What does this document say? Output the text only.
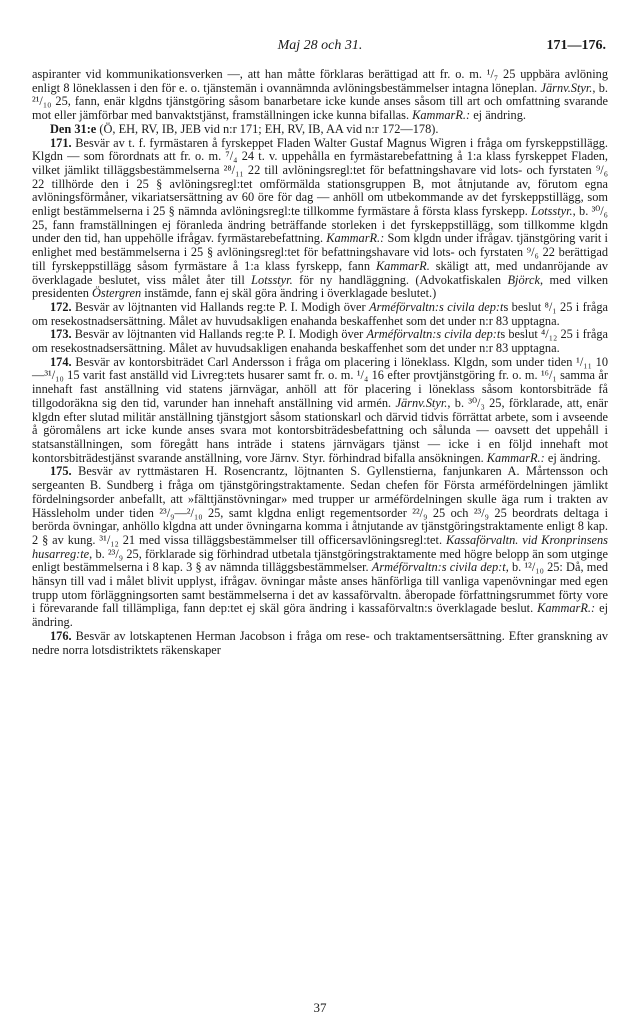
Maj 28 och 31.	171—176.

aspiranter vid kommunikationsverken —, att han måtte förklaras berättigad att fr. o. m. ¹/₇ 25 uppbära avlöning enligt 8 löneklassen i den för e. o. tjänstemän i ovannämnda avlöningsbestämmelser intagna löneplan. Järnv.Styr., b. ²¹/₁₀ 25, fann, enär klgdns tjänstgöring såsom banarbetare icke kunde anses såsom till art och omfattning svarande mot eller jämförbar med banvaktstjänst, framställningen icke kunna bifallas. KammarR.: ej ändring.

Den 31:e (Ö, EH, RV, IB, JEB vid n:r 171; EH, RV, IB, AA vid n:r 172—178).

171. Besvär av t. f. fyrmästaren å fyrskeppet Fladen Walter Gustaf Magnus Wigren i fråga om fyrskeppstillägg. Klgdn — som förordnats att fr. o. m. ⁷/₄ 24 t. v. uppehålla en fyrmästarebefattning å 1:a klass fyrskeppet Fladen, vilket jämlikt tilläggsbestämmelserna ²⁸/₁₁ 22 till avlöningsregl:tet för befattningshavare vid lots- och fyrstaten ⁹/₆ 22 tillhörde den i 25 § avlöningsregl:tet omförmälda stationsgruppen B, mot åtnjutande av, förutom egna avlöningsförmåner, vikariatsersättning av 60 öre för dag — anhöll om utbekommande av det fyrskeppstillägg, som enligt bestämmelserna i 25 § nämnda avlöningsregl:te tillkomme fyrmästare å första klass fyrskepp. Lotsstyr., b. ³⁰/₆ 25, fann framställningen ej föranleda ändring beträffande storleken i det fyrskeppstillägg, som tillkomme klgdn under den tid, han uppehölle ifrågav. fyrmästarebefattning. KammarR.: Som klgdn under ifrågav. tjänstgöring varit i enlighet med bestämmelserna i 25 § avlöningsregl:tet för befattningshavare vid lots- och fyrstaten ⁹/₆ 22 berättigad till fyrskeppstillägg såsom fyrmästare å 1:a klass fyrskepp, fann KammarR. skäligt att, med undanröjande av överklagade beslutet, viss målet åter till Lotsstyr. för ny handläggning. (Advokatfiskalen Björck, med vilken presidenten Östergren instämde, fann ej skäl göra ändring i överklagade beslutet.)

172. Besvär av löjtnanten vid Hallands reg:te P. I. Modigh över Arméförvaltn:s civila dep:ts beslut ⁸/₁ 25 i fråga om resekostnadsersättning. Målet av huvudsakligen enahanda beskaffenhet som det under n:r 83 upptagna.

173. Besvär av löjtnanten vid Hallands reg:te P. I. Modigh över Arméförvaltn:s civila dep:ts beslut ⁴/₁₂ 25 i fråga om resekostnadsersättning. Målet av huvudsakligen enahanda beskaffenhet som det under n:r 83 upptagna.

174. Besvär av kontorsbiträdet Carl Andersson i fråga om placering i löneklass. Klgdn, som under tiden ¹/₁₁ 10—³¹/₁₀ 15 varit fast anställd vid Livreg:tets husarer samt fr. o. m. ¹/₄ 16 efter provtjänstgöring fr. o. m. ¹⁶/₁ samma år innehaft fast anställning vid statens järnvägar, anhöll att för placering i löneklass såsom kontorsbiträde få tillgodoräkna sig den tid, varunder han innehaft anställning vid armén. Järnv.Styr., b. ³⁰/₃ 25, förklarade, att, enär klgdn efter slutad militär anställning tjänstgjort såsom stationskarl och därvid tidvis förrättat arbete, som i avseende å göromålens art icke kunde anses svara mot kontorsbiträdesbefattning och sålunda — oavsett det uppehåll i statsanställningen, som föregått hans inträde i statens järnvägars tjänst — icke i en följd innehaft mot kontorsbiträdestjänst svarande anställning, vore Järnv. Styr. förhindrad bifalla ansökningen. KammarR.: ej ändring.

175. Besvär av ryttmästaren H. Rosencrantz, löjtnanten S. Gyllenstierna, fanjunkaren A. Mårtensson och sergeanten B. Sundberg i fråga om tjänstgöringstraktamente. Sedan chefen för Första arméfördelningen jämlikt fördelningsorder anbefallt, att »fälttjänstövningar» med trupper ur arméfördelningen skulle äga rum i trakten av Hässleholm under tiden ²³/₉—²/₁₀ 25, samt klgdna enligt regementsorder ²²/₉ 25 och ²³/₉ 25 beordrats deltaga i berörda övningar, anhöllo klgdna att under övningarna komma i åtnjutande av tjänstgöringstraktamente enligt 8 kap. 2 § av kung. ³¹/₁₂ 21 med vissa tilläggsbestämmelser till officersavlöningsregl:tet. Kassaförvaltn. vid Kronprinsens husarreg:te, b. ²³/₉ 25, förklarade sig förhindrad utbetala tjänstgöringstraktamente med högre belopp än som utginge enligt bestämmelserna i 8 kap. 3 § av nämnda tilläggsbestämmelser. Arméförvaltn:s civila dep:t, b. ¹²/₁₀ 25: Då, med hänsyn till vad i målet blivit upplyst, ifrågav. övningar måste anses hänförliga till vanliga vapenövningar med egen trupp utom förläggningsorten samt bestämmelserna i det av kassaförvaltn. åberopade författningsrummet förty vore i förevarande fall tillämpliga, fann dep:tet ej skäl göra ändring i kassaförvaltn:s överklagade beslut. KammarR.: ej ändring.

176. Besvär av lotskaptenen Herman Jacobson i fråga om rese- och traktamentsersättning. Efter granskning av nedre norra lotsdistriktets räkenskaper

37
